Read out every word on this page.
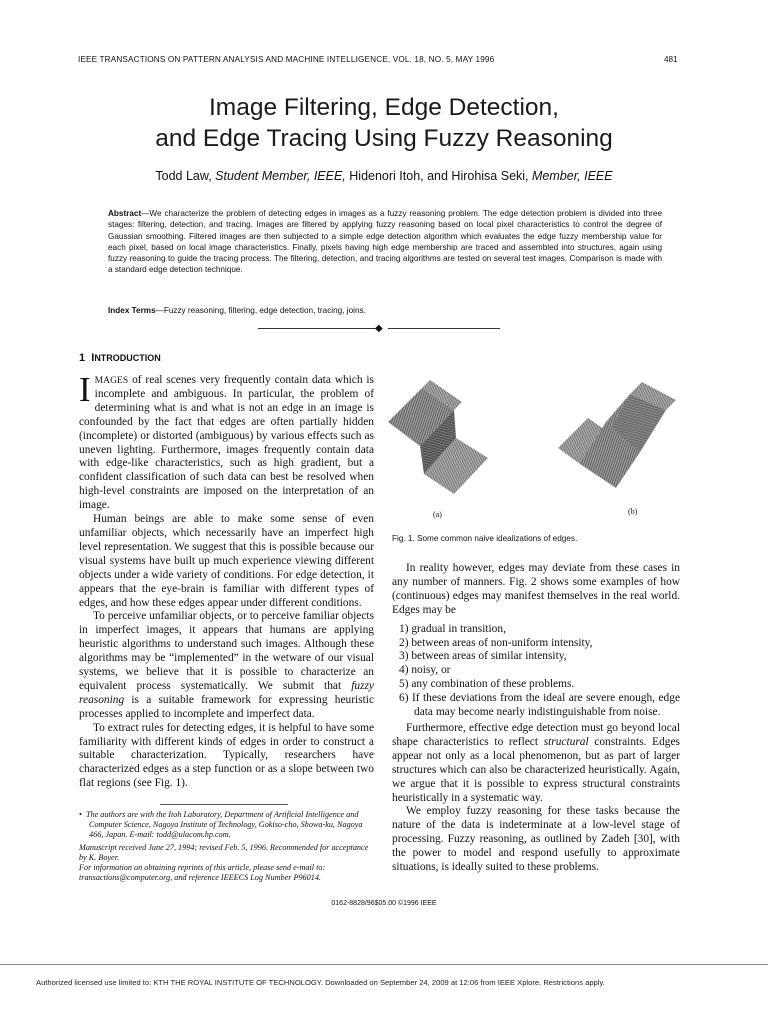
IEEE TRANSACTIONS ON PATTERN ANALYSIS AND MACHINE INTELLIGENCE, VOL. 18, NO. 5, MAY 1996	481
Image Filtering, Edge Detection,
and Edge Tracing Using Fuzzy Reasoning
Todd Law, Student Member, IEEE, Hidenori Itoh, and Hirohisa Seki, Member, IEEE
Abstract—We characterize the problem of detecting edges in images as a fuzzy reasoning problem. The edge detection problem is divided into three stages: filtering, detection, and tracing. Images are filtered by applying fuzzy reasoning based on local pixel characteristics to control the degree of Gaussian smoothing. Filtered images are then subjected to a simple edge detection algorithm which evaluates the edge fuzzy membership value for each pixel, based on local image characteristics. Finally, pixels having high edge membership are traced and assembled into structures, again using fuzzy reasoning to guide the tracing process. The filtering, detection, and tracing algorithms are tested on several test images. Comparison is made with a standard edge detection technique.
Index Terms—Fuzzy reasoning, filtering, edge detection, tracing, joins.
◆
1 INTRODUCTION

IMAGES of real scenes very frequently contain data which is incomplete and ambiguous. In particular, the problem of determining what is and what is not an edge in an image is confounded by the fact that edges are often partially hidden (incomplete) or distorted (ambiguous) by various effects such as uneven lighting. Furthermore, images frequently contain data with edge-like characteristics, such as high gradient, but a confident classification of such data can best be resolved when high-level constraints are imposed on the interpretation of an image.

Human beings are able to make some sense of even unfamiliar objects, which necessarily have an imperfect high level representation. We suggest that this is possible because our visual systems have built up much experience viewing different objects under a wide variety of conditions. For edge detection, it appears that the eye-brain is familiar with different types of edges, and how these edges appear under different conditions.

To perceive unfamiliar objects, or to perceive familiar objects in imperfect images, it appears that humans are applying heuristic algorithms to understand such images. Although these algorithms may be “implemented” in the wetware of our visual systems, we believe that it is possible to characterize an equivalent process systematically. We submit that fuzzy reasoning is a suitable framework for expressing heuristic processes applied to incomplete and imperfect data.

To extract rules for detecting edges, it is helpful to have some familiarity with different kinds of edges in order to construct a suitable characterization. Typically, researchers have characterized edges as a step function or as a slope between two flat regions (see Fig. 1).

• The authors are with the Itoh Laboratory, Department of Artificial Intelligence and Computer Science, Nagoya Institute of Technology, Gokiso-cho, Showa-ku, Nagoya 466, Japan. E-mail: todd@ulacom.hp.com.

Manuscript received June 27, 1994; revised Feb. 5, 1996. Recommended for acceptance by K. Boyer.

For information on obtaining reprints of this article, please send e-mail to: transactions@computer.org, and reference IEEECS Log Number P96014.

(a)	(b)
Fig. 1. Some common naive idealizations of edges.

In reality however, edges may deviate from these cases in any number of manners. Fig. 2 shows some examples of how (continuous) edges may manifest themselves in the real world. Edges may be

1) gradual in transition,
2) between areas of non-uniform intensity,
3) between areas of similar intensity,
4) noisy, or
5) any combination of these problems.
6) If these deviations from the ideal are severe enough, edge data may become nearly indistinguishable from noise.

Furthermore, effective edge detection must go beyond local shape characteristics to reflect structural constraints. Edges appear not only as a local phenomenon, but as part of larger structures which can also be characterized heuristically. Again, we argue that it is possible to express structural constraints heuristically in a systematic way.

We employ fuzzy reasoning for these tasks because the nature of the data is indeterminate at a low-level stage of processing. Fuzzy reasoning, as outlined by Zadeh [30], with the power to model and respond usefully to approximate situations, is ideally suited to these problems.

0162-8828/96$05.00 ©1996 IEEE
Authorized licensed use limited to: KTH THE ROYAL INSTITUTE OF TECHNOLOGY. Downloaded on September 24, 2009 at 12:06 from IEEE Xplore. Restrictions apply.
